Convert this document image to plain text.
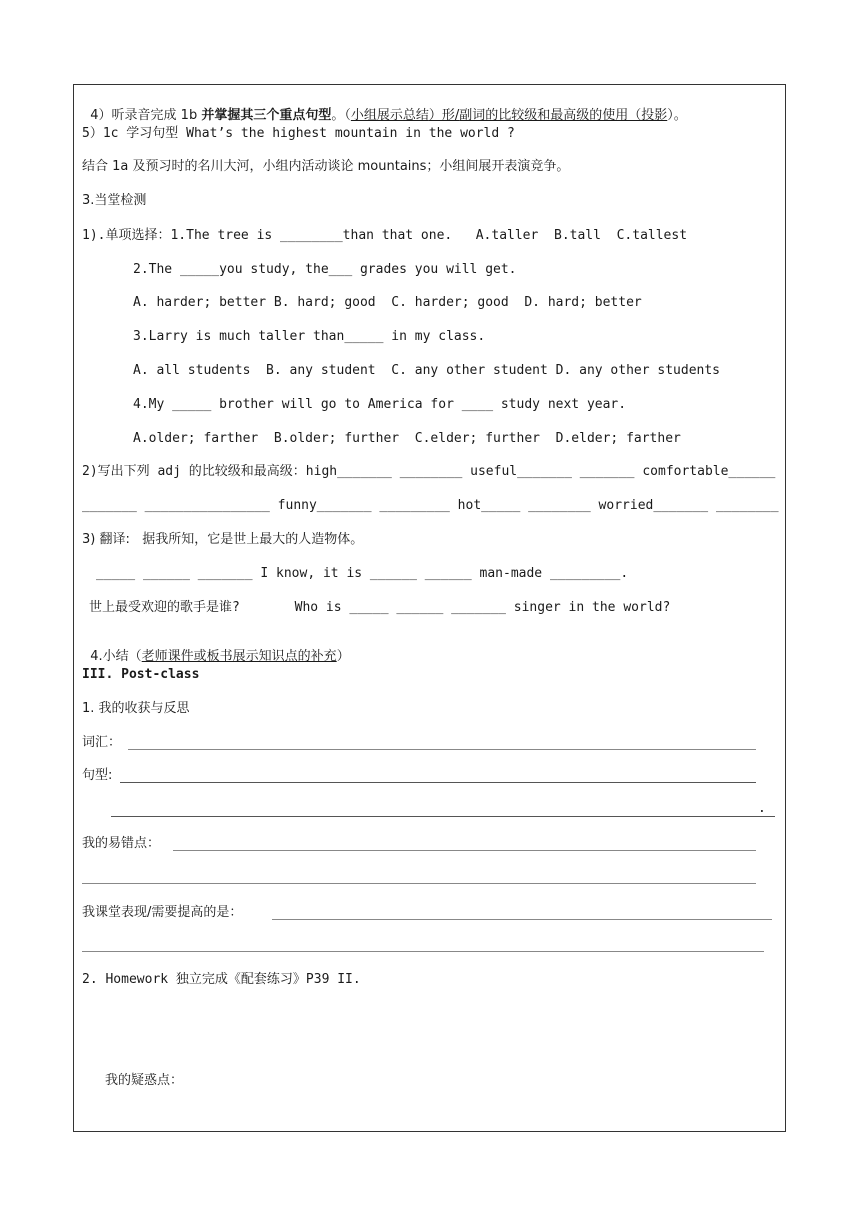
4）听录音完成 1b 并掌握其三个重点句型。（小组展示总结）形/副词的比较级和最高级的使用（投影）。

5）1c 学习句型 What’s the highest mountain in the world ?
结合 1a 及预习时的名川大河，小组内活动谈论 mountains；小组间展开表演竞争。
3.当堂检测
1).单项选择：1.The tree is ________than that one.   A.taller  B.tall  C.tallest
2.The _____you study, the___ grades you will get.
A. harder; better B. hard; good  C. harder; good  D. hard; better
3.Larry is much taller than_____ in my class.
A. all students  B. any student  C. any other student D. any other students
4.My _____ brother will go to America for ____ study next year.
A.older; farther  B.older; further  C.elder; further  D.elder; farther
2)写出下列 adj 的比较级和最高级：high_______ ________ useful_______ _______ comfortable______
_______ ________________ funny_______ _________ hot_____ ________ worried_______ ________
3) 翻译:   据我所知，它是世上最大的人造物体。
_____ ______ _______ I know, it is ______ ______ man-made _________.
世上最受欢迎的歌手是谁?       Who is _____ ______ _______ singer in the world?

4.小结（老师课件或板书展示知识点的补充）

III. Post-class
1. 我的收获与反思
词汇：
句型:
.
我的易错点：
我课堂表现/需要提高的是：
2. Homework 独立完成《配套练习》P39 II.
我的疑惑点：
